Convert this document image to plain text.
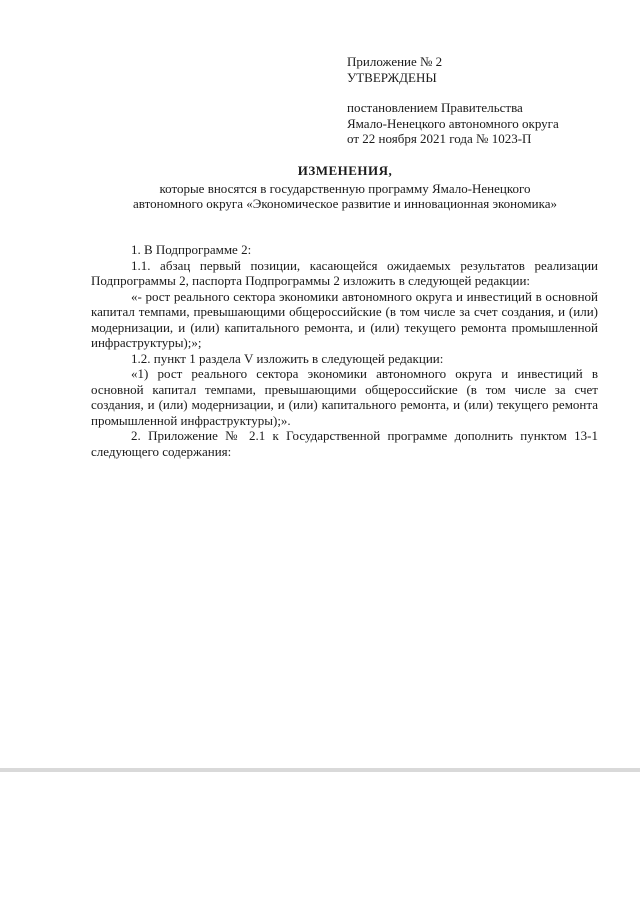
Приложение № 2
УТВЕРЖДЕНЫ
постановлением Правительства
Ямало-Ненецкого автономного округа
от 22 ноября 2021 года № 1023-П
ИЗМЕНЕНИЯ,
которые вносятся в государственную программу Ямало-Ненецкого
автономного округа «Экономическое развитие и инновационная экономика»

1. В Подпрограмме 2:

1.1. абзац первый позиции, касающейся ожидаемых результатов реализации Подпрограммы 2, паспорта Подпрограммы 2 изложить в следующей редакции:

«- рост реального сектора экономики автономного округа и инвестиций в основной капитал темпами, превышающими общероссийские (в том числе за счет создания, и (или) модернизации, и (или) капитального ремонта, и (или) текущего ремонта промышленной инфраструктуры);»;

1.2. пункт 1 раздела V изложить в следующей редакции:

«1) рост реального сектора экономики автономного округа и инвестиций в основной капитал темпами, превышающими общероссийские (в том числе за счет создания, и (или) модернизации, и (или) капитального ремонта, и (или) текущего ремонта промышленной инфраструктуры);».

2. Приложение № 2.1 к Государственной программе дополнить пунктом 13-1 следующего содержания:
